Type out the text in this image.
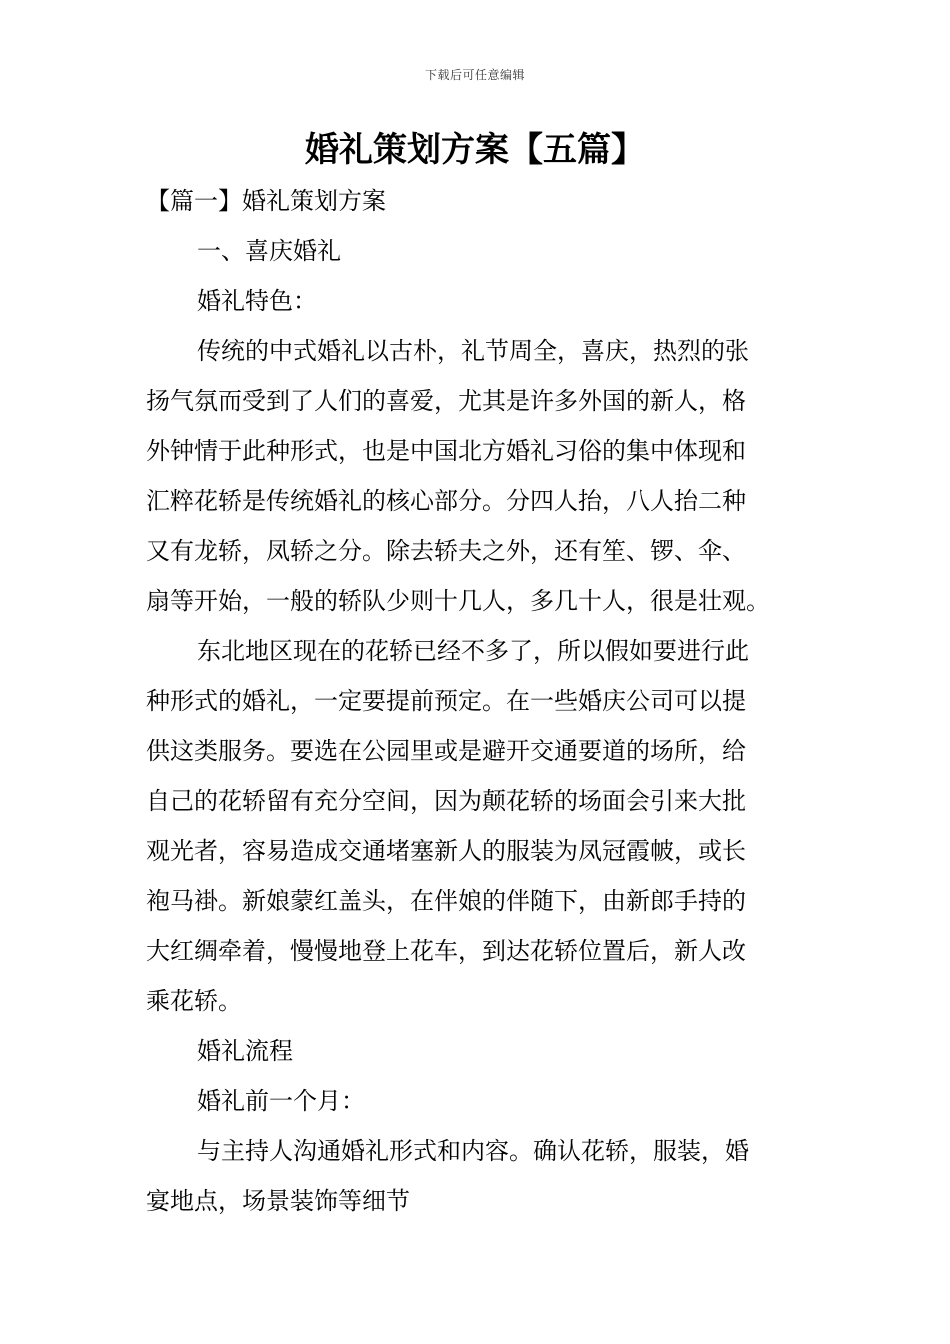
下载后可任意编辑
婚礼策划方案【五篇】
【篇一】婚礼策划方案
一、喜庆婚礼
婚礼特色：
传统的中式婚礼以古朴，礼节周全，喜庆，热烈的张
扬气氛而受到了人们的喜爱，尤其是许多外国的新人，格
外钟情于此种形式，也是中国北方婚礼习俗的集中体现和
汇粹花轿是传统婚礼的核心部分。分四人抬，八人抬二种
又有龙轿，凤轿之分。除去轿夫之外，还有笙、锣、伞、
扇等开始，一般的轿队少则十几人，多几十人，很是壮观。
东北地区现在的花轿已经不多了，所以假如要进行此
种形式的婚礼，一定要提前预定。在一些婚庆公司可以提
供这类服务。要选在公园里或是避开交通要道的场所，给
自己的花轿留有充分空间，因为颠花轿的场面会引来大批
观光者，容易造成交通堵塞新人的服装为凤冠霞帔，或长
袍马褂。新娘蒙红盖头，在伴娘的伴随下，由新郎手持的
大红绸牵着，慢慢地登上花车，到达花轿位置后，新人改
乘花轿。
婚礼流程
婚礼前一个月：
与主持人沟通婚礼形式和内容。确认花轿，服装，婚
宴地点，场景装饰等细节
